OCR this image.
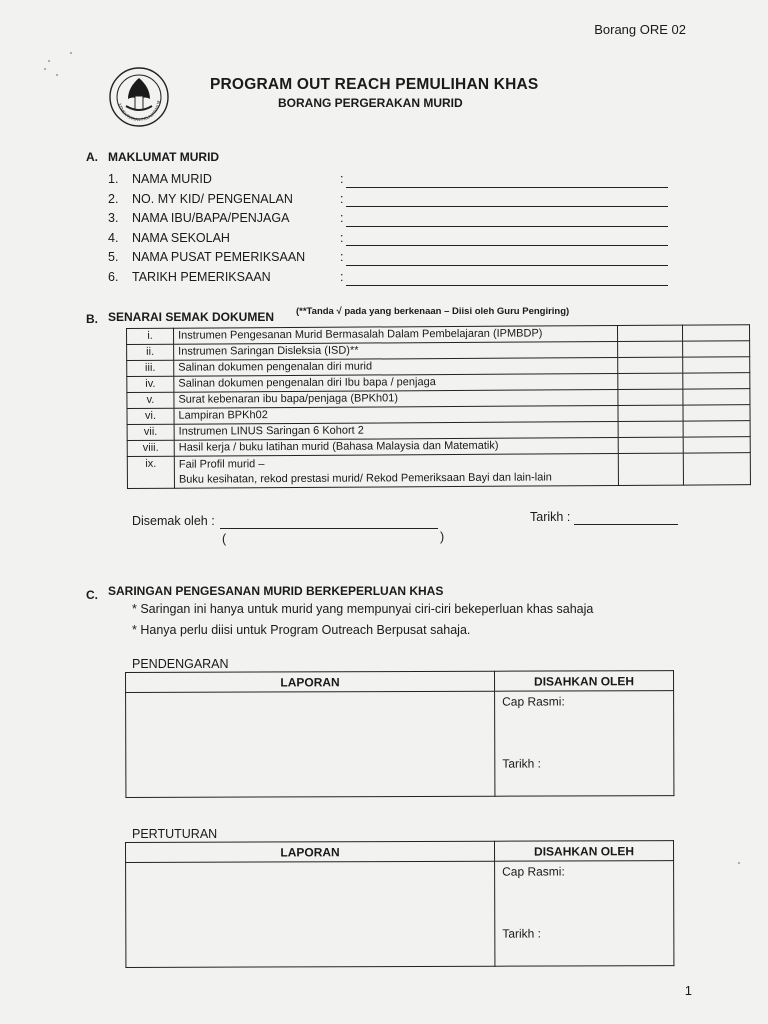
Borang ORE 02
KEMENTERIAN PELAJARAN M
PROGRAM OUT REACH PEMULIHAN KHAS
BORANG PERGERAKAN MURID
A. MAKLUMAT MURID
1.	NAMA MURID	:
2.	NO. MY KID/ PENGENALAN	:
3.	NAMA IBU/BAPA/PENJAGA	:
4.	NAMA SEKOLAH	:
5.	NAMA PUSAT PEMERIKSAAN	:
6.	TARIKH PEMERIKSAAN	:
B. SENARAI SEMAK DOKUMEN (**Tanda √ pada yang berkenaan – Diisi oleh Guru Pengiring)
i.	Instrumen Pengesanan Murid Bermasalah Dalam Pembelajaran (IPMBDP)		
ii.	Instrumen Saringan Disleksia (ISD)**		
iii.	Salinan dokumen pengenalan diri murid		
iv.	Salinan dokumen pengenalan diri Ibu bapa / penjaga		
v.	Surat kebenaran ibu bapa/penjaga (BPKh01)		
vi.	Lampiran BPKh02		
vii.	Instrumen LINUS Saringan 6 Kohort 2		
viii.	Hasil kerja / buku latihan murid (Bahasa Malaysia dan Matematik)		
ix.	Fail Profil murid –
Buku kesihatan, rekod prestasi murid/ Rekod Pemeriksaan Bayi dan lain-lain		

Disemak oleh :
(	)
Tarikh :
C. SARINGAN PENGESANAN MURID BERKEPERLUAN KHAS
* Saringan ini hanya untuk murid yang mempunyai ciri-ciri bekeperluan khas sahaja
* Hanya perlu diisi untuk Program Outreach Berpusat sahaja.
PENDENGARAN
LAPORAN	DISAHKAN OLEH

	Cap Rasmi:
Tarikh :
PERTUTURAN
LAPORAN	DISAHKAN OLEH

	Cap Rasmi:
Tarikh :
1
